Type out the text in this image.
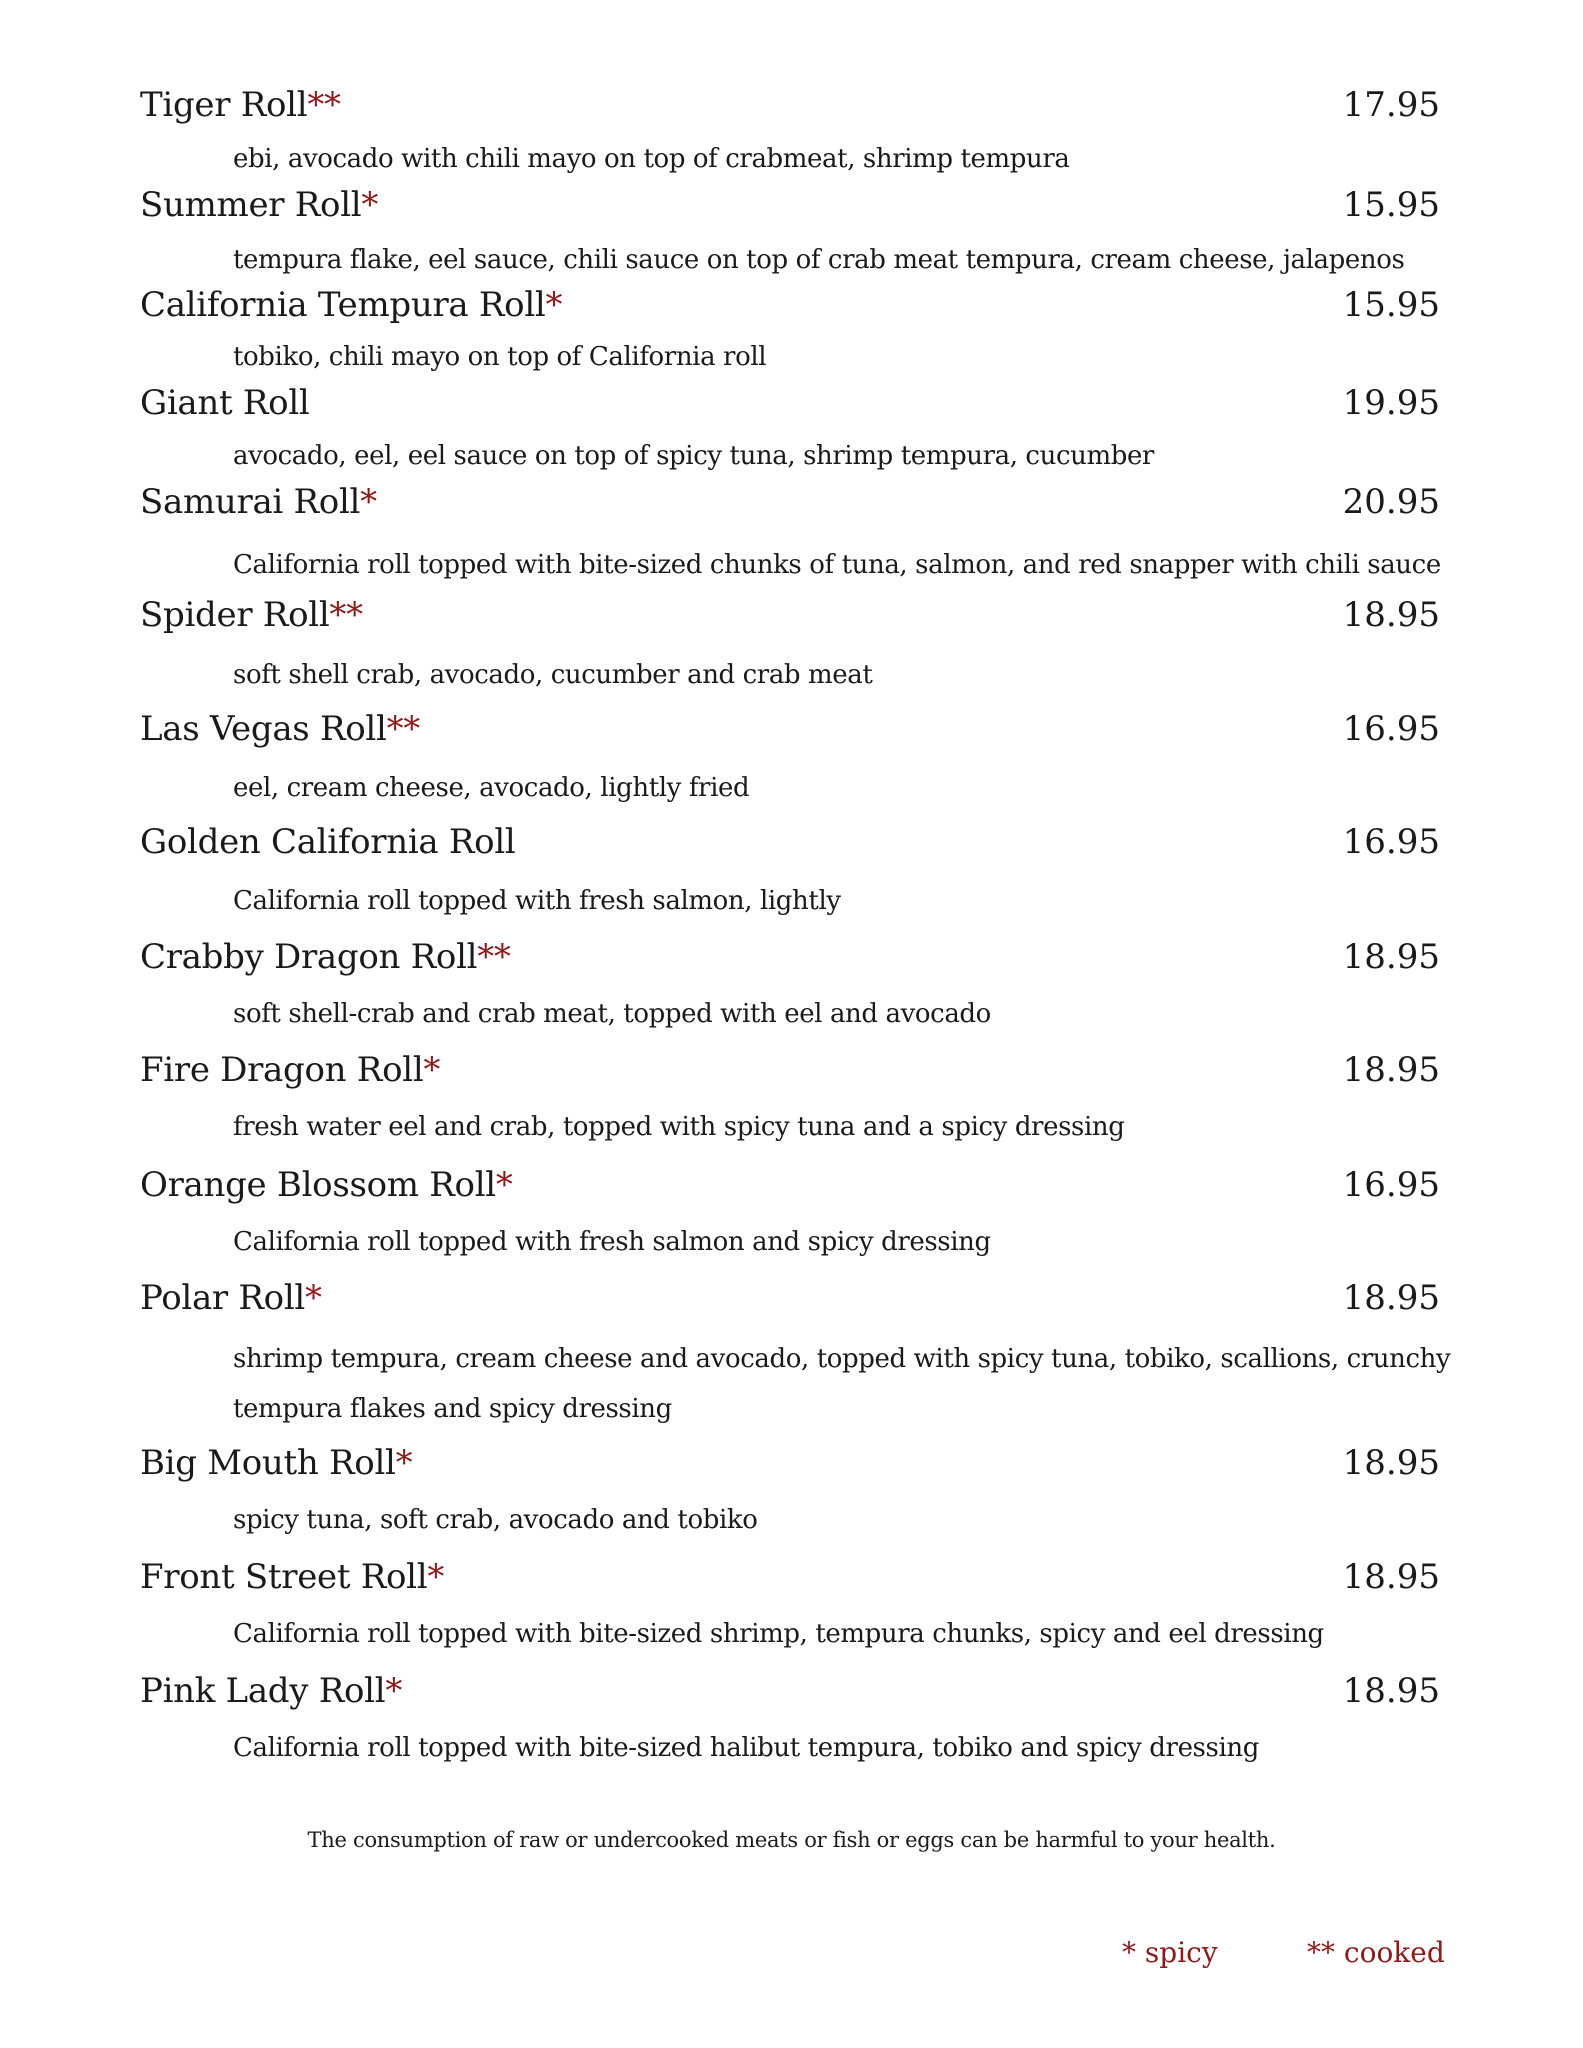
Tiger Roll**	17.95
ebi, avocado with chili mayo on top of crabmeat, shrimp tempura
Summer Roll*	15.95
tempura flake, eel sauce, chili sauce on top of crab meat tempura, cream cheese, jalapenos
California Tempura Roll*	15.95
tobiko, chili mayo on top of California roll
Giant Roll	19.95
avocado, eel, eel sauce on top of spicy tuna, shrimp tempura, cucumber
Samurai Roll*	20.95
California roll topped with bite-sized chunks of tuna, salmon, and red snapper with chili sauce
Spider Roll**	18.95
soft shell crab, avocado, cucumber and crab meat
Las Vegas Roll**	16.95
eel, cream cheese, avocado, lightly fried
Golden California Roll	16.95
California roll topped with fresh salmon, lightly
Crabby Dragon Roll**	18.95
soft shell-crab and crab meat, topped with eel and avocado
Fire Dragon Roll*	18.95
fresh water eel and crab, topped with spicy tuna and a spicy dressing
Orange Blossom Roll*	16.95
California roll topped with fresh salmon and spicy dressing
Polar Roll*	18.95
shrimp tempura, cream cheese and avocado, topped with spicy tuna, tobiko, scallions, crunchy
tempura flakes and spicy dressing
Big Mouth Roll*	18.95
spicy tuna, soft crab, avocado and tobiko
Front Street Roll*	18.95
California roll topped with bite-sized shrimp, tempura chunks, spicy and eel dressing
Pink Lady Roll*	18.95
California roll topped with bite-sized halibut tempura, tobiko and spicy dressing
The consumption of raw or undercooked meats or fish or eggs can be harmful to your health.
* spicy	** cooked
